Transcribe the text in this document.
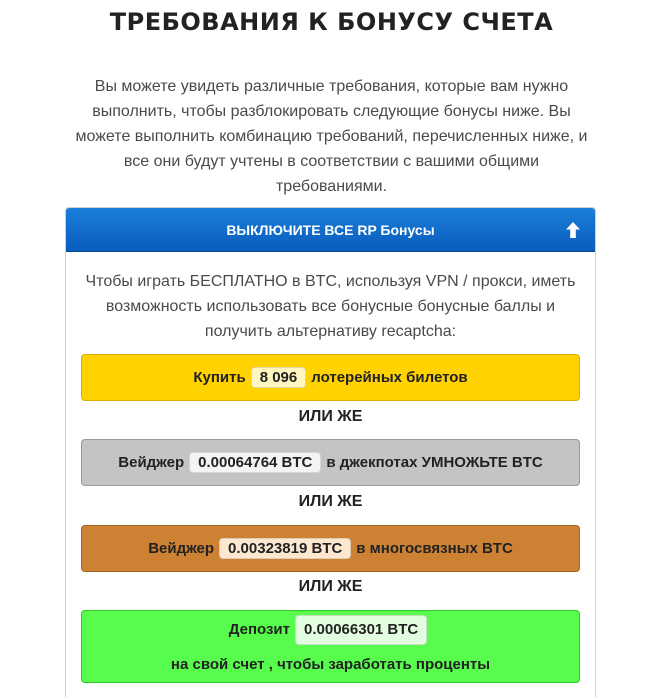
ТРЕБОВАНИЯ К БОНУСУ СЧЕТА
Вы можете увидеть различные требования, которые вам нужно выполнить, чтобы разблокировать следующие бонусы ниже. Вы можете выполнить комбинацию требований, перечисленных ниже, и все они будут учтены в соответствии с вашими общими требованиями.
ВЫКЛЮЧИТЕ ВСЕ RP Бонусы
Чтобы играть БЕСПЛАТНО в BTC, используя VPN / прокси, иметь возможность использовать все бонусные бонусные баллы и получить альтернативу recaptcha:
Купить 8 096 лотерейных билетов
ИЛИ ЖЕ
Вейджер 0.00064764 BTC в джекпотах УМНОЖЬТЕ BTC
ИЛИ ЖЕ
Вейджер 0.00323819 BTC в многосвязных BTC
ИЛИ ЖЕ
Депозит 0.00066301 BTC
на свой счет , чтобы заработать проценты
